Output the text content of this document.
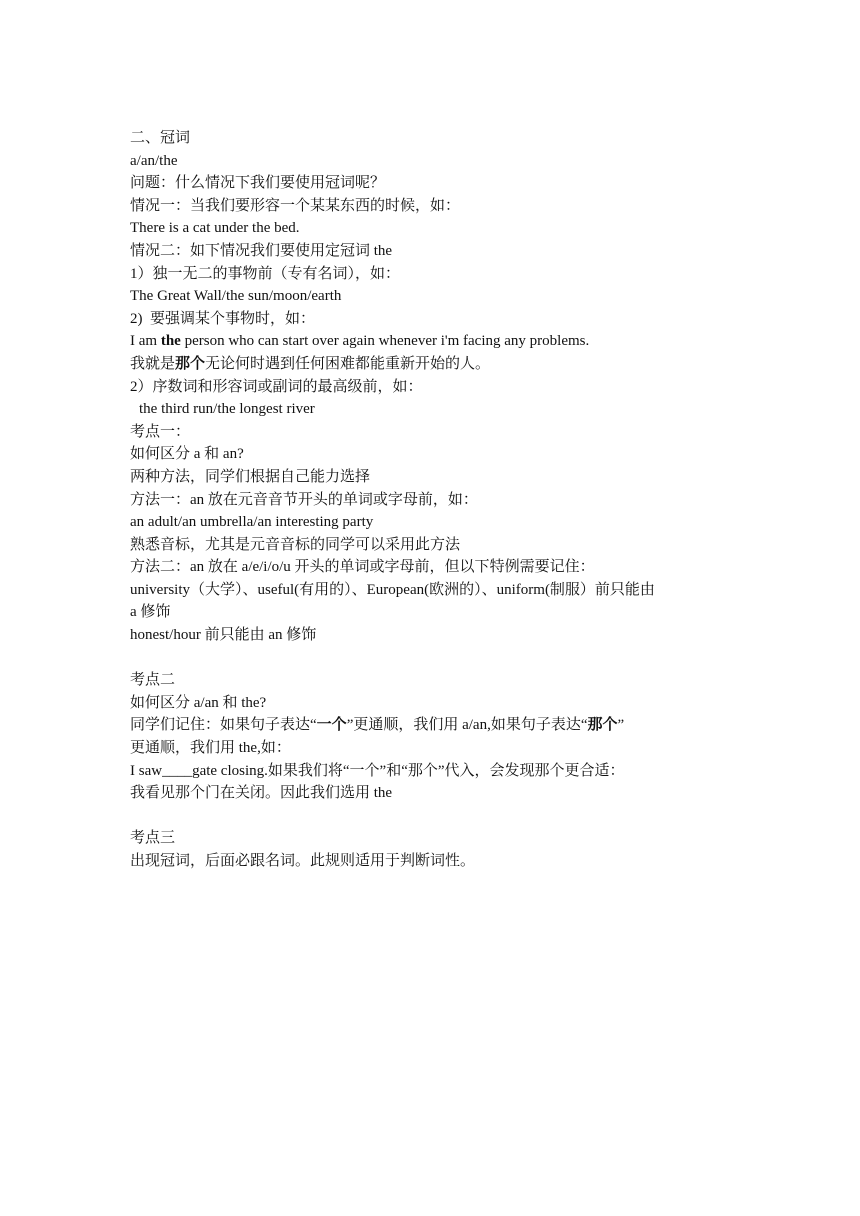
二、冠词
a/an/the
问题：什么情况下我们要使用冠词呢？
情况一：当我们要形容一个某某东西的时候，如：
There is a cat under the bed.
情况二：如下情况我们要使用定冠词 the
1）独一无二的事物前（专有名词），如：
The Great Wall/the sun/moon/earth
2)  要强调某个事物时，如：
I am the person who can start over again whenever i'm facing any problems.
我就是那个无论何时遇到任何困难都能重新开始的人。
2）序数词和形容词或副词的最高级前，如：
the third run/the longest river
考点一：
如何区分 a 和 an?
两种方法，同学们根据自己能力选择
方法一：an 放在元音音节开头的单词或字母前，如：
an adult/an umbrella/an interesting party
熟悉音标，尤其是元音音标的同学可以采用此方法
方法二：an 放在 a/e/i/o/u 开头的单词或字母前，但以下特例需要记住：
university（大学）、useful(有用的）、European(欧洲的）、uniform(制服）前只能由
a 修饰
honest/hour 前只能由 an 修饰
考点二
如何区分 a/an 和 the?
同学们记住：如果句子表达“一个”更通顺，我们用 a/an,如果句子表达“那个”
更通顺，我们用 the,如：
I saw____gate closing.如果我们将“一个”和“那个”代入，会发现那个更合适：
我看见那个门在关闭。因此我们选用 the
考点三
出现冠词，后面必跟名词。此规则适用于判断词性。
